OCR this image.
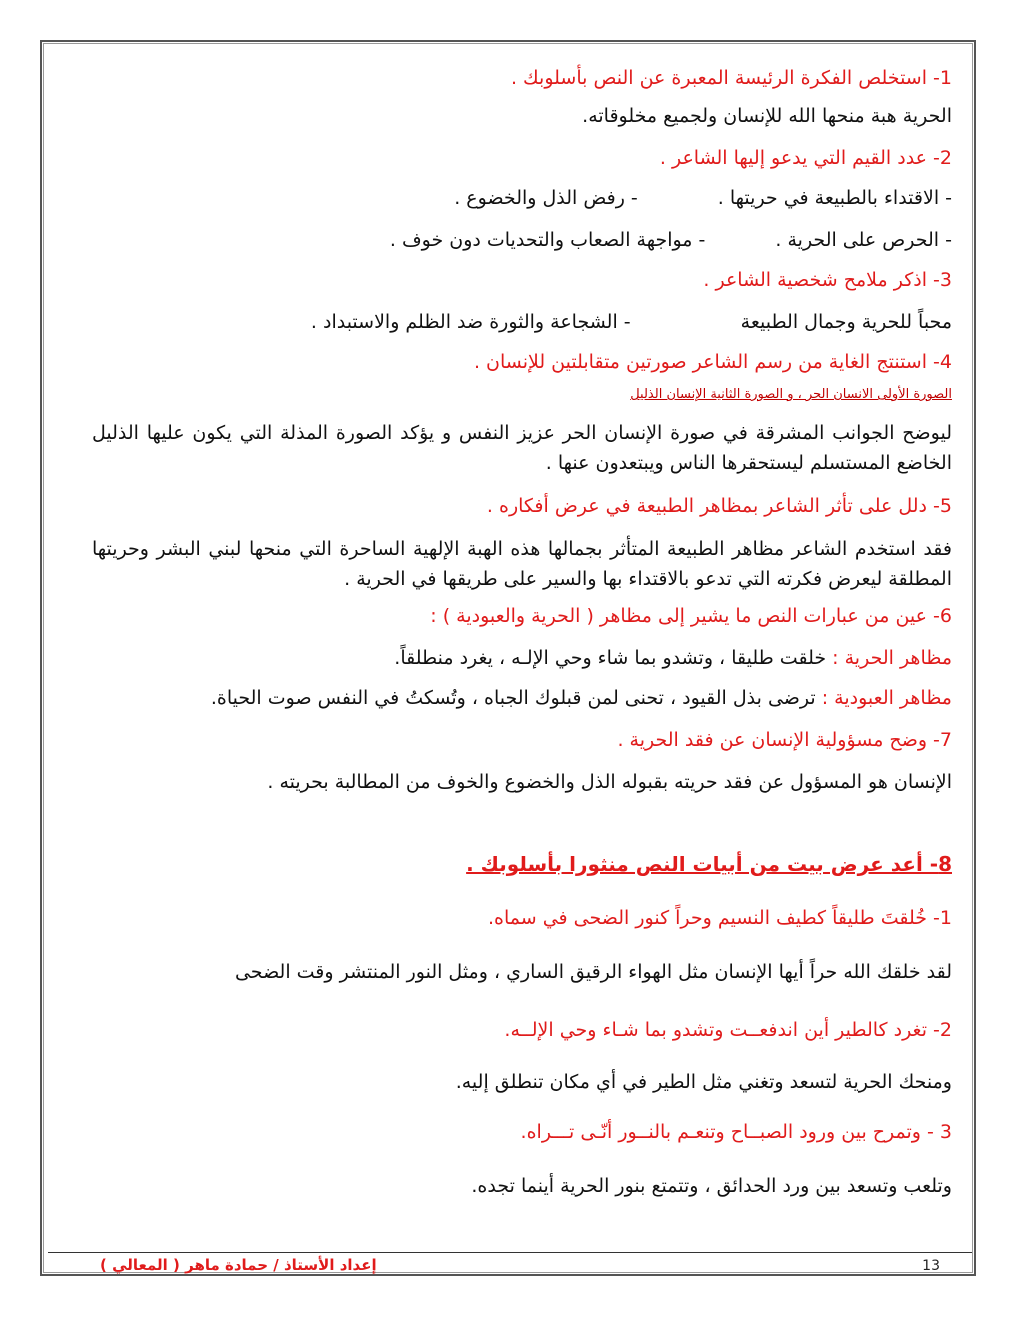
1- استخلص الفكرة الرئيسة المعبرة عن النص بأسلوبك .
الحرية هبة منحها الله للإنسان ولجميع مخلوقاته.
2- عدد القيم التي يدعو إليها الشاعر .
- الاقتداء بالطبيعة في حريتها .- رفض الذل والخضوع .
- الحرص على الحرية .- مواجهة الصعاب والتحديات دون خوف .
3- اذكر ملامح شخصية الشاعر .
محباً للحرية وجمال الطبيعة- الشجاعة والثورة ضد الظلم والاستبداد .
4- استنتج الغاية من رسم الشاعر صورتين متقابلتين للإنسان .
الصورة الأولى الانسان الحر ، و الصورة الثانية الإنسان الذليل
ليوضح الجوانب المشرقة في صورة الإنسان الحر عزيز النفس و يؤكد الصورة المذلة التي يكون عليها الذليل الخاضع المستسلم ليستحقرها الناس ويبتعدون عنها .
5- دلل على تأثر الشاعر بمظاهر الطبيعة في عرض أفكاره .
فقد استخدم الشاعر مظاهر الطبيعة المتأثر بجمالها هذه الهبة الإلهية الساحرة التي منحها لبني البشر وحريتها المطلقة ليعرض فكرته التي تدعو بالاقتداء بها والسير على طريقها في الحرية .
6- عين من عبارات النص ما يشير إلى مظاهر ( الحرية والعبودية ) :
مظاهر الحرية : خلقت طليقا ، وتشدو بما شاء وحي الإلـه ، يغرد منطلقاً.
مظاهر العبودية : ترضى بذل القيود ، تحنى لمن قبلوك الجباه ، وتُسكتُ في النفس صوت الحياة.
7- وضح مسؤولية الإنسان عن فقد الحرية .
الإنسان هو المسؤول عن فقد حريته بقبوله الذل والخضوع والخوف من المطالبة بحريته .
8- أعد عرض بيت من أبيات النص منثورا بأسلوبك .
1- خُلقتَ طليقاً كطيف النسيم وحراً كنور الضحى في سماه.
لقد خلقك الله حراً أيها الإنسان مثل الهواء الرقيق الساري ، ومثل النور المنتشر وقت الضحى
2- تغرد كالطير أين اندفعــت وتشدو بما شـاء وحي الإلــه.
ومنحك الحرية لتسعد وتغني مثل الطير في أي مكان تنطلق إليه.
3 - وتمرح بين ورود الصبــاح وتنعـم بالنــور أنّـى تـــراه.
وتلعب وتسعد بين ورد الحدائق ، وتتمتع بنور الحرية أينما تجده.
إعداد الأستاذ / حمادة ماهر ( المعالي )	13
